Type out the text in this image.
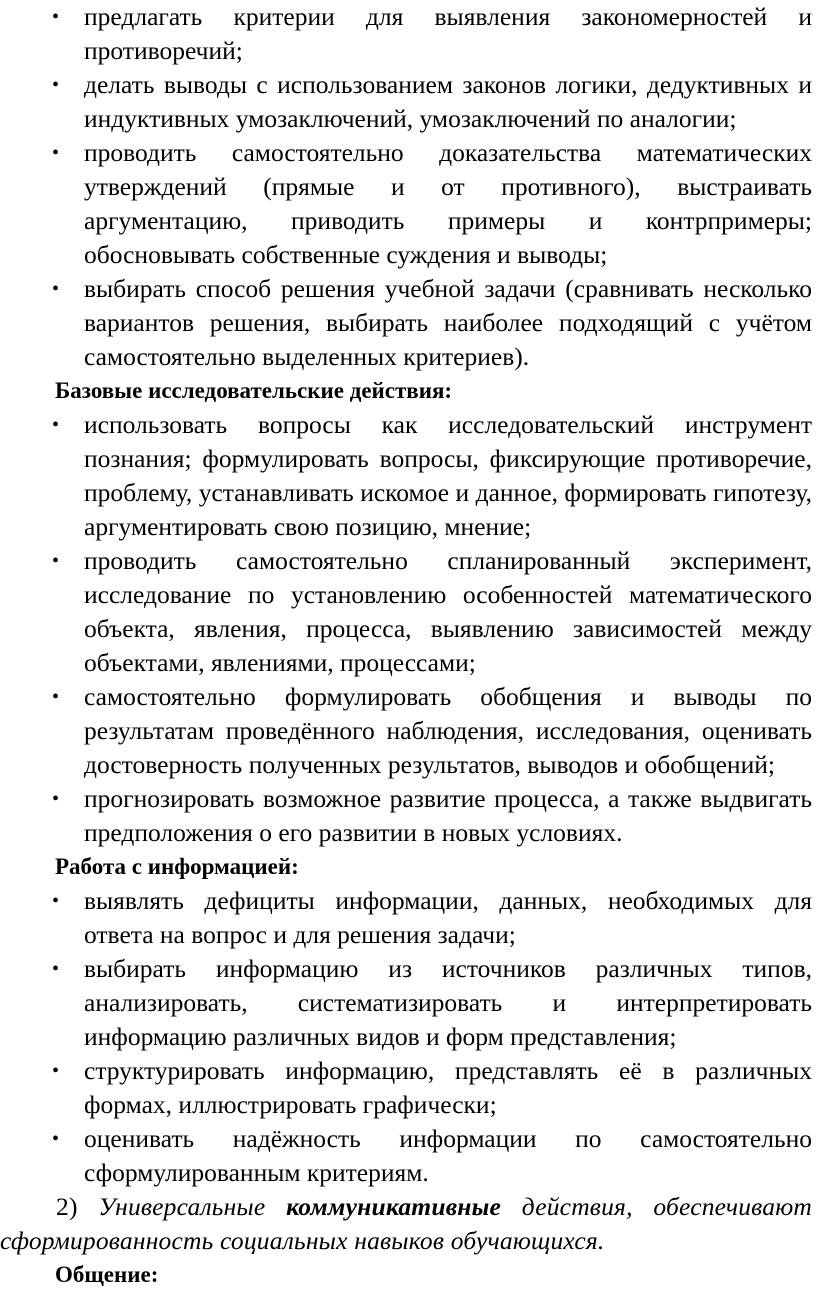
• предлагать критерии для выявления закономерностей и противоречий;
• делать выводы с использованием законов логики, дедуктивных и индуктивных умозаключений, умозаключений по аналогии;
• проводить самостоятельно доказательства математических утверждений (прямые и от противного), выстраивать аргументацию, приводить примеры и контрпримеры; обосновывать собственные суждения и выводы;
• выбирать способ решения учебной задачи (сравнивать несколько вариантов решения, выбирать наиболее подходящий с учётом самостоятельно выделенных критериев).

Базовые исследовательские действия:

• использовать вопросы как исследовательский инструмент познания; формулировать вопросы, фиксирующие противоречие, проблему, устанавливать искомое и данное, формировать гипотезу, аргументировать свою позицию, мнение;
• проводить самостоятельно спланированный эксперимент, исследование по установлению особенностей математического объекта, явления, процесса, выявлению зависимостей между объектами, явлениями, процессами;
• самостоятельно формулировать обобщения и выводы по результатам проведённого наблюдения, исследования, оценивать достоверность полученных результатов, выводов и обобщений;
• прогнозировать возможное развитие процесса, а также выдвигать предположения о его развитии в новых условиях.

Работа с информацией:

• выявлять дефициты информации, данных, необходимых для ответа на вопрос и для решения задачи;
• выбирать информацию из источников различных типов, анализировать, систематизировать и интерпретировать информацию различных видов и форм представления;
• структурировать информацию, представлять её в различных формах, иллюстрировать графически;
• оценивать надёжность информации по самостоятельно сформулированным критериям.

2) Универсальные коммуникативные действия, обеспечивают сформированность социальных навыков обучающихся.

Общение:
